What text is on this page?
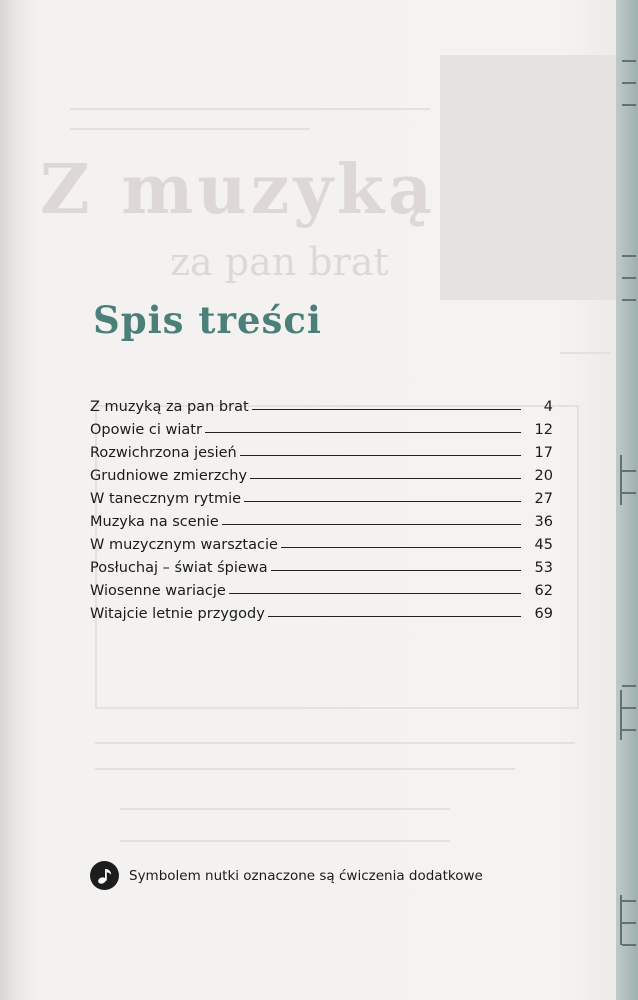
Z muzyką
za pan brat
Spis treści
Z muzyką za pan brat	4
Opowie ci wiatr	12
Rozwichrzona jesień	17
Grudniowe zmierzchy	20
W tanecznym rytmie	27
Muzyka na scenie	36
W muzycznym warsztacie	45
Posłuchaj – świat śpiewa	53
Wiosenne wariacje	62
Witajcie letnie przygody	69
Symbolem nutki oznaczone są ćwiczenia dodatkowe
